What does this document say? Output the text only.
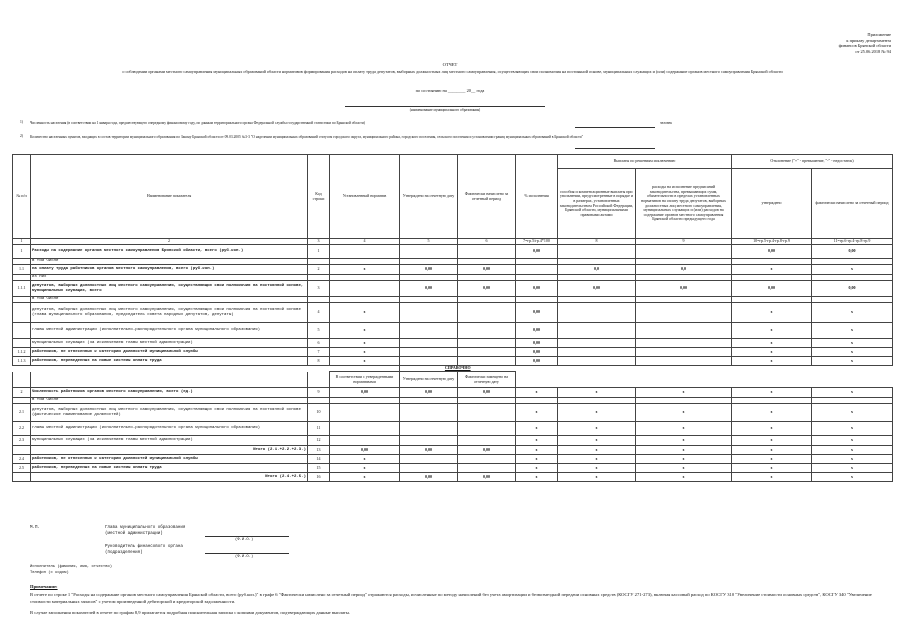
Приложение
к приказу департамента
финансов Брянской области
от 25.06.2018 № 94
ОТЧЕТ
о соблюдении органами местного самоуправления муниципальных образований области нормативов формирования расходов на оплату труда депутатов, выборных должностных лиц местного самоуправления, осуществляющих свои полномочия на постоянной основе, муниципальных служащих и (или) содержание органов местного самоуправления Брянской области
по состоянию на ________ 20__ года
(наименование муниципального образования)
1) Численность населения (в соответствии на 1 января года, предшествующего очередному финансовому году, по данным территориального органа Федеральной службы государственной статистики по Брянской области)	человек
2) Количество населенных пунктов, входящих в состав территории муниципального образования по Закону Брянской области от 09.03.2005 №3-3 "О наделении муниципальных образований статусом городского округа, муниципального района, городского поселения, сельского поселения и установлении границ муниципальных образований в Брянской области"
№ п/п	Наименование показателя	Код строки	Установленный норматив	Утверждено на отчетную дату	Фактически начислено за отчетный период	% исполнения	Выплаты по решениям исключению		Отклонение ("+" - превышение, "-" - недостаток)	
							пособия и компенсационные выплаты при увольнении, предусмотренные в порядке и в размерах, установленных законодательством Российской Федерации, Брянской области, муниципальными правовыми актами	расходы на исполнение предписаний законодательства, превышающих сумм, обязательности в пределах установленных нормативов на оплату труда депутатов, выборных должностных лиц местного самоуправления, муниципальных служащих и (или) расходов на содержание органов местного самоуправления Брянской области предыдущего года	утверждено	фактически начислено за отчетный период
1	2	3	4	5	6	7=гр.5/гр.4*100	8	9	10=гр.5-гр.4-гр.8-гр.9	11=гр.6-гр.4-гр.8-гр.9
1	Расходы на содержание органов местного самоуправления Брянской области, всего (руб.коп.)	1				0,00			0,00	0,00
	в том числе									
1.1	на оплату труда работников органов местного самоуправления, всего (руб.коп.)	2	x	0,00	0,00		0,0	0,0	x	x
	из них									
1.1.1	депутатов, выборных должностных лиц местного самоуправления, осуществляющих свои полномочия на постоянной основе, муниципальных служащих, всего	3		0,00	0,00	0,00	0,00	0,00	0,00	0,00
	в том числе									
	депутатов, выборных должностных лиц местного самоуправления, осуществляющих свои полномочия на постоянной основе (глава муниципального образования, председатель совета народных депутатов, депутаты)	4	x			0,00			x	x
	главы местной администрации (исполнительно-распорядительного органа муниципального образования)	5	x			0,00			x	x
	муниципальных служащих (за исключением главы местной администрации)	6	x			0,00			x	x
1.1.2	работников, не отнесенных к категории должностей муниципальной службы	7	x			0,00			x	x
1.1.3	работников, переведенных на новые системы оплаты труда	8	x			0,00			x	x
				СПРАВОЧНО						
			В соответствии с утвержденными нормативами	Утверждено на отчетную дату	Фактически замещено на отчетную дату					
2	Численность работников органов местного самоуправления, всего (ед.)	9	0,00	0,00	0,00	x	x	x	x	x
	в том числе									
2.1	депутатов, выборных должностных лиц местного самоуправления, осуществляющих свои полномочия на постоянной основе (фактическое наименование должностей)	10				x	x	x	x	x
2.2	главы местной администрации (исполнительно-распорядительного органа муниципального образования)	11				x	x	x	x	x
2.3	муниципальных служащих (за исключением главы местной администрации)	12				x	x	x	x	x
	Итого (2.1.+2.2.+2.3.)	13	0,00	0,00	0,00	x	x	x	x	x
2.4	работников, не отнесенных к категории должностей муниципальной службы	14	x			x	x	x	x	x
2.5	работников, переведенных на новые системы оплаты труда	15	x			x	x	x	x	x
	Итого (2.4.+2.5.)	16	x	0,00	0,00	x	x	x	x	x
М.П.	Глава муниципального образования
(местной администрации)
(Ф.И.О.)
Руководитель финансового органа
(подразделения)
(Ф.И.О.)
Исполнитель (фамилия, имя, отчество)
Телефон (с кодом)
Примечание:
В отчете по строке 1 "Расходы на содержание органов местного самоуправления Брянской области, всего (руб.коп.)" в графе 6 "Фактически начислено за отчетный период" отражаются расходы, исчисленные по методу начислений без учета амортизации и безвозмездной передачи основных средств (КОСГУ 271-273), включая кассовый расход по КОСГУ 310 "Увеличение стоимости основных средств", КОСГУ 340 "Увеличение стоимости материальных запасов" с учетом произведенной дебиторской и кредиторской задолженности.
В случае заполнения показателей в отчете по графам 8,9 прилагается подробная пояснительная записка с копиями документов, подтверждающих данные выплаты.
